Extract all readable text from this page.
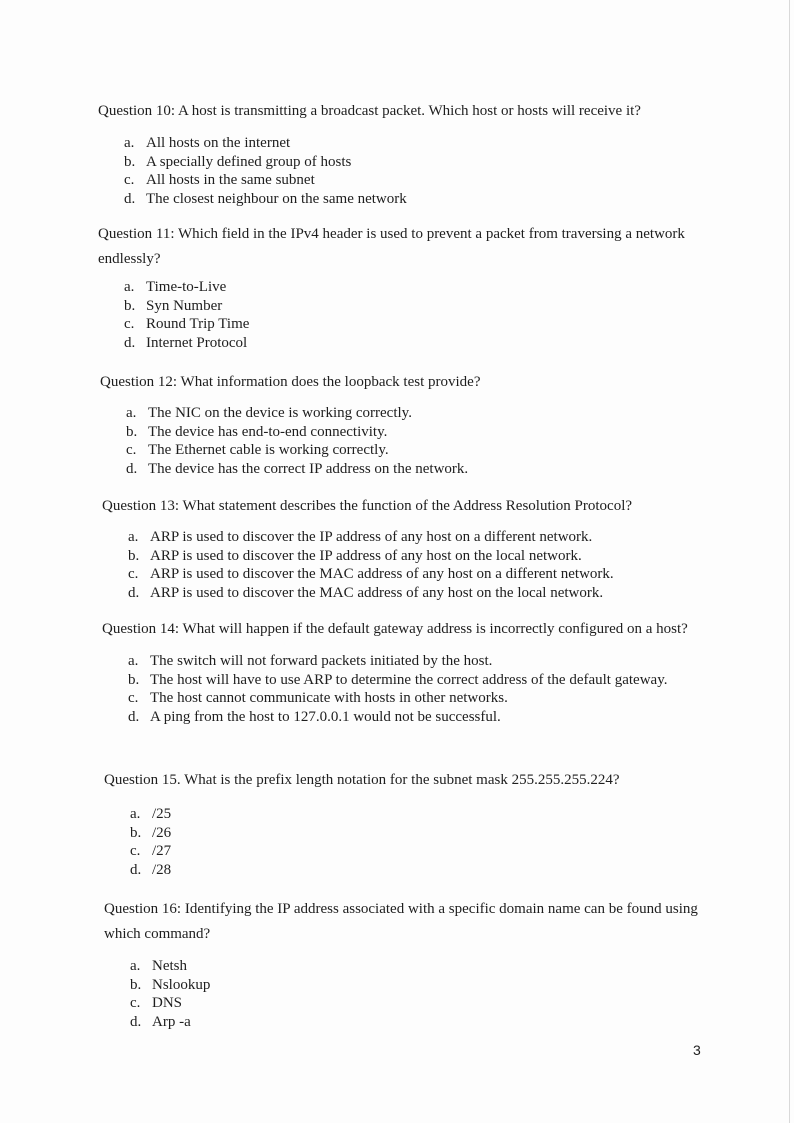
Question 10: A host is transmitting a broadcast packet. Which host or hosts will receive it?

a. All hosts on the internet
b. A specially defined group of hosts
c. All hosts in the same subnet
d. The closest neighbour on the same network

Question 11: Which field in the IPv4 header is used to prevent a packet from traversing a network endlessly?

a. Time-to-Live
b. Syn Number
c. Round Trip Time
d. Internet Protocol

Question 12: What information does the loopback test provide?

a. The NIC on the device is working correctly.
b. The device has end-to-end connectivity.
c. The Ethernet cable is working correctly.
d. The device has the correct IP address on the network.

Question 13: What statement describes the function of the Address Resolution Protocol?

a. ARP is used to discover the IP address of any host on a different network.
b. ARP is used to discover the IP address of any host on the local network.
c. ARP is used to discover the MAC address of any host on a different network.
d. ARP is used to discover the MAC address of any host on the local network.

Question 14: What will happen if the default gateway address is incorrectly configured on a host?

a. The switch will not forward packets initiated by the host.
b. The host will have to use ARP to determine the correct address of the default gateway.
c. The host cannot communicate with hosts in other networks.
d. A ping from the host to 127.0.0.1 would not be successful.

Question 15. What is the prefix length notation for the subnet mask 255.255.255.224?

a. /25
b. /26
c. /27
d. /28

Question 16: Identifying the IP address associated with a specific domain name can be found using which command?

a. Netsh
b. Nslookup
c. DNS
d. Arp -a
3
